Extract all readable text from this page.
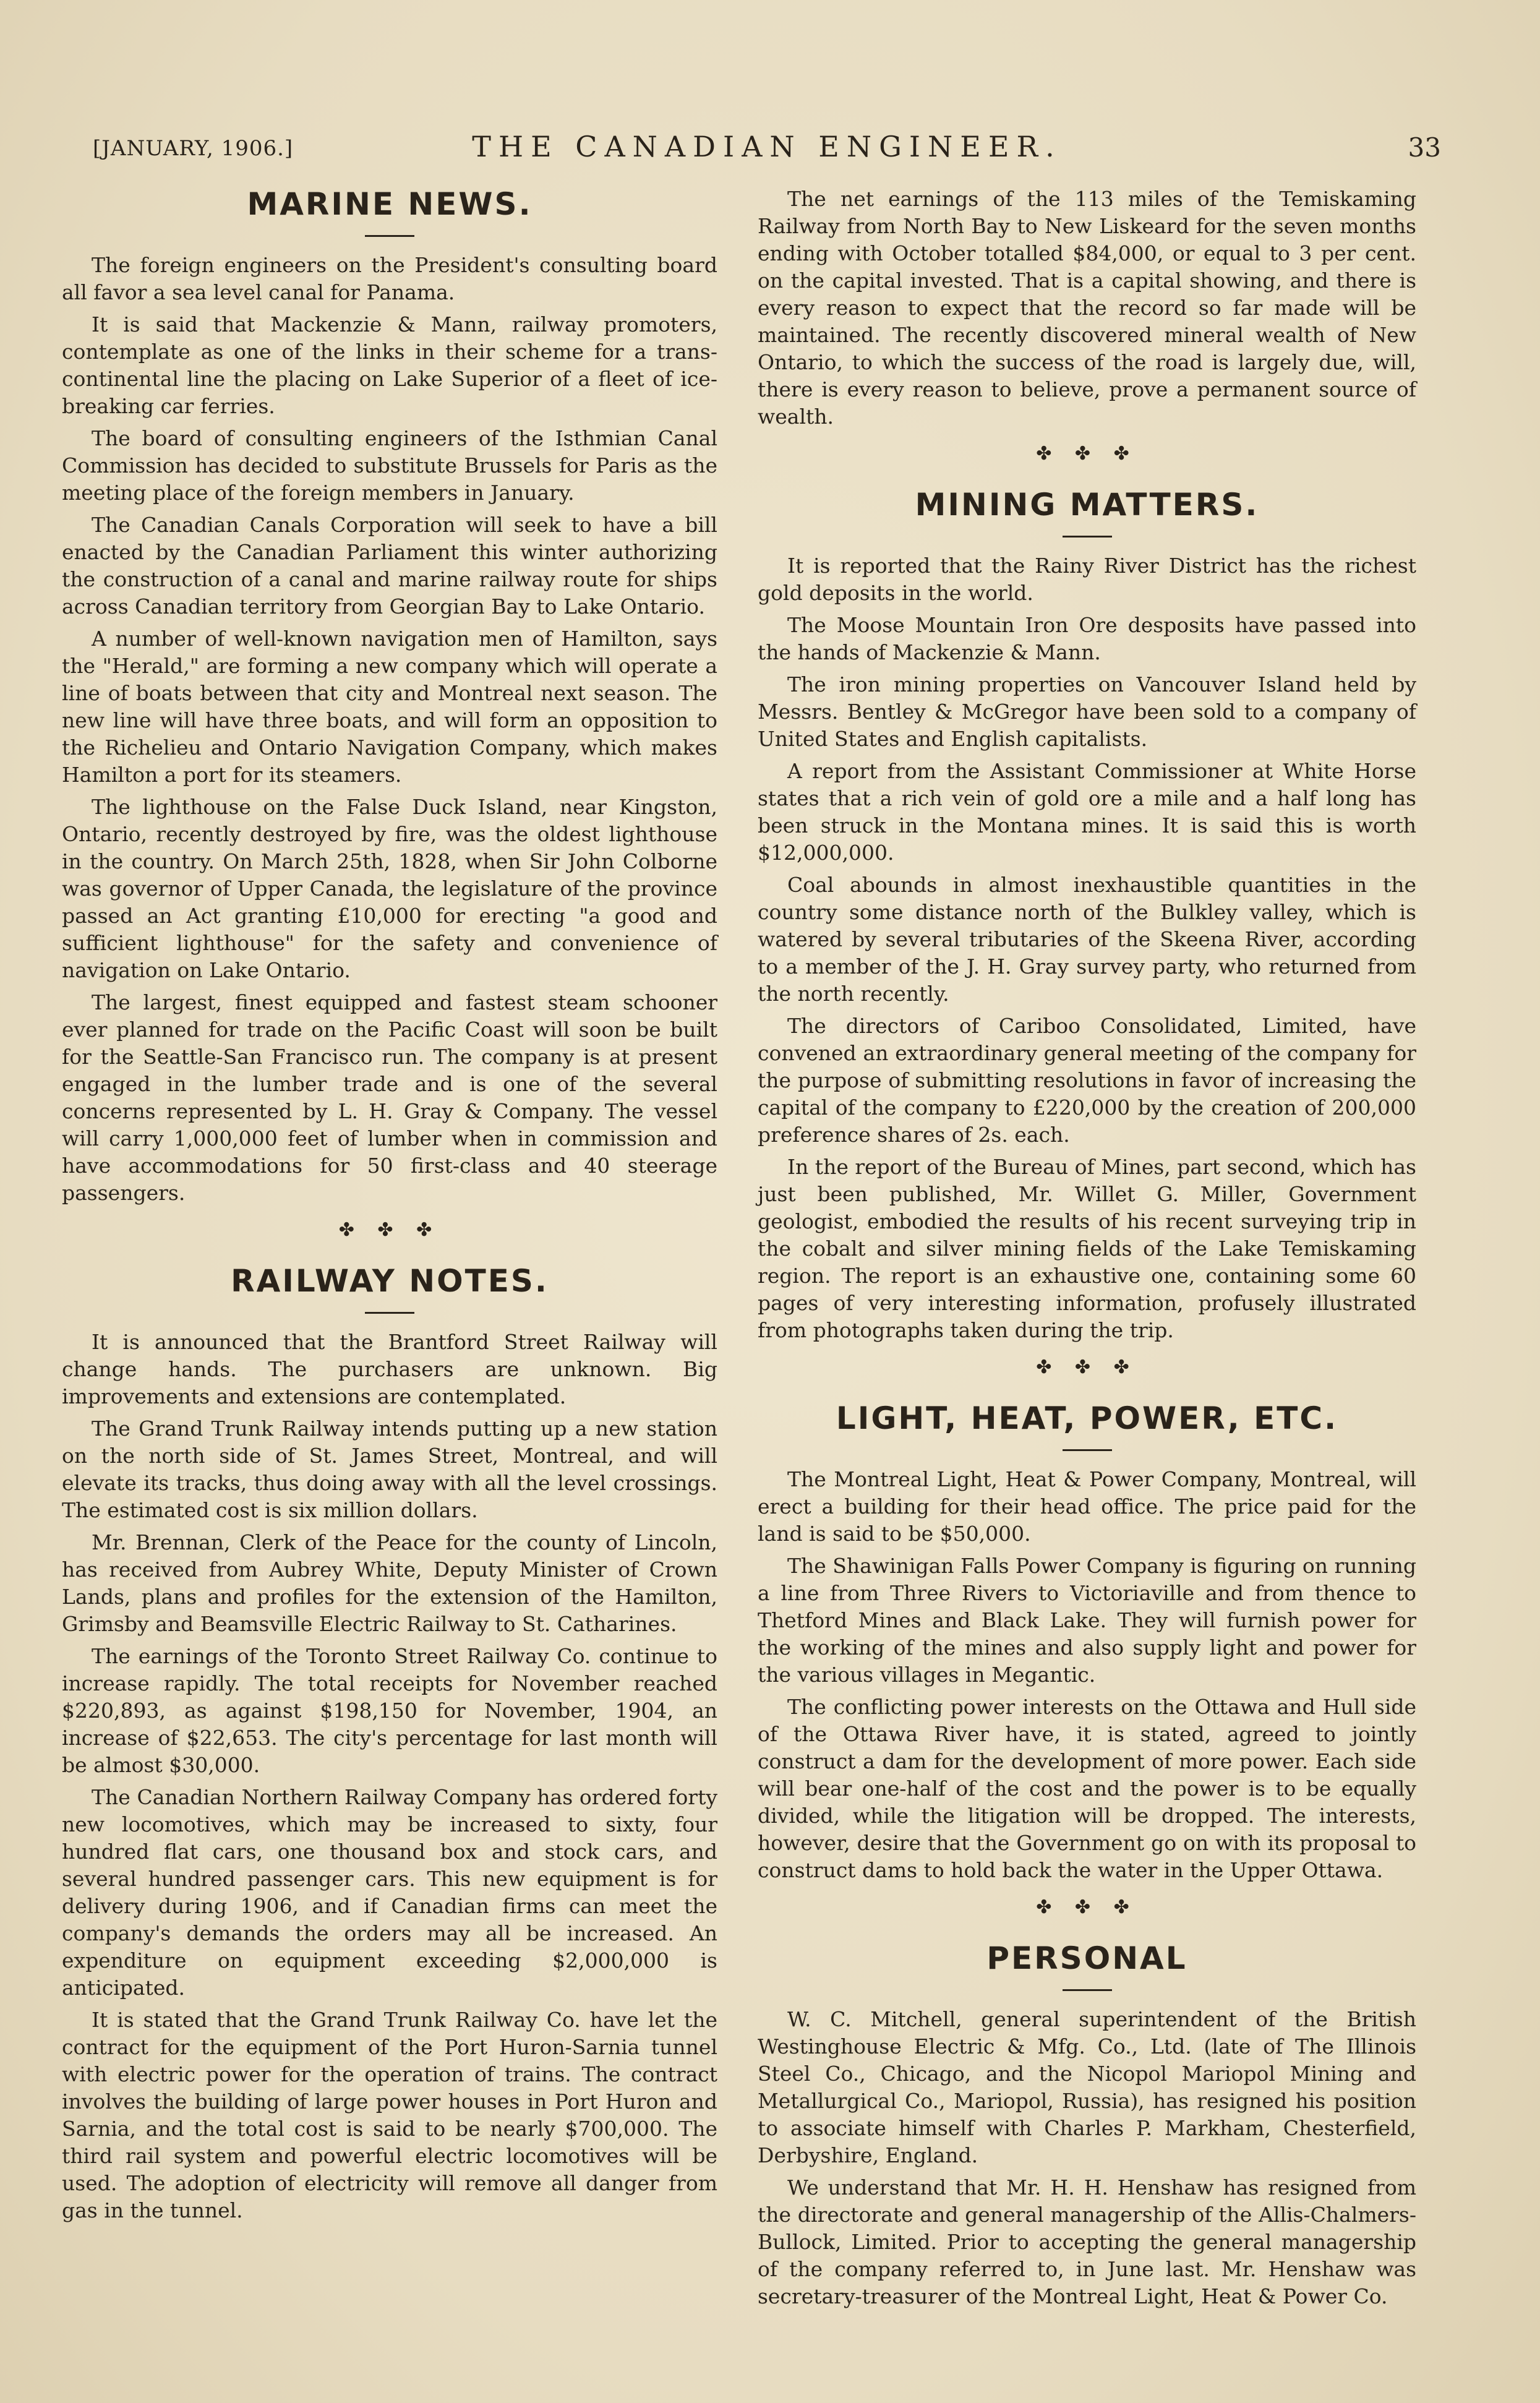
[JANUARY, 1906.]	THE CANADIAN ENGINEER.	33
MARINE NEWS.

The foreign engineers on the President's consulting board all favor a sea level canal for Panama.

It is said that Mackenzie & Mann, railway promoters, contemplate as one of the links in their scheme for a trans-continental line the placing on Lake Superior of a fleet of ice-breaking car ferries.

The board of consulting engineers of the Isthmian Canal Commission has decided to substitute Brussels for Paris as the meeting place of the foreign members in January.

The Canadian Canals Corporation will seek to have a bill enacted by the Canadian Parliament this winter authorizing the construction of a canal and marine railway route for ships across Canadian territory from Georgian Bay to Lake Ontario.

A number of well-known navigation men of Hamilton, says the "Herald," are forming a new company which will operate a line of boats between that city and Montreal next season. The new line will have three boats, and will form an opposition to the Richelieu and Ontario Navigation Company, which makes Hamilton a port for its steamers.

The lighthouse on the False Duck Island, near Kingston, Ontario, recently destroyed by fire, was the oldest lighthouse in the country. On March 25th, 1828, when Sir John Colborne was governor of Upper Canada, the legislature of the province passed an Act granting £10,000 for erecting "a good and sufficient lighthouse" for the safety and convenience of navigation on Lake Ontario.

The largest, finest equipped and fastest steam schooner ever planned for trade on the Pacific Coast will soon be built for the Seattle-San Francisco run. The company is at present engaged in the lumber trade and is one of the several concerns represented by L. H. Gray & Company. The vessel will carry 1,000,000 feet of lumber when in commission and have accommodations for 50 first-class and 40 steerage passengers.

✤ ✤ ✤
RAILWAY NOTES.

It is announced that the Brantford Street Railway will change hands. The purchasers are unknown. Big improvements and extensions are contemplated.

The Grand Trunk Railway intends putting up a new station on the north side of St. James Street, Montreal, and will elevate its tracks, thus doing away with all the level crossings. The estimated cost is six million dollars.

Mr. Brennan, Clerk of the Peace for the county of Lincoln, has received from Aubrey White, Deputy Minister of Crown Lands, plans and profiles for the extension of the Hamilton, Grimsby and Beamsville Electric Railway to St. Catharines.

The earnings of the Toronto Street Railway Co. continue to increase rapidly. The total receipts for November reached $220,893, as against $198,150 for November, 1904, an increase of $22,653. The city's percentage for last month will be almost $30,000.

The Canadian Northern Railway Company has ordered forty new locomotives, which may be increased to sixty, four hundred flat cars, one thousand box and stock cars, and several hundred passenger cars. This new equipment is for delivery during 1906, and if Canadian firms can meet the company's demands the orders may all be increased. An expenditure on equipment exceeding $2,000,000 is anticipated.

It is stated that the Grand Trunk Railway Co. have let the contract for the equipment of the Port Huron-Sarnia tunnel with electric power for the operation of trains. The contract involves the building of large power houses in Port Huron and Sarnia, and the total cost is said to be nearly $700,000. The third rail system and powerful electric locomotives will be used. The adoption of electricity will remove all danger from gas in the tunnel.

The net earnings of the 113 miles of the Temiskaming Railway from North Bay to New Liskeard for the seven months ending with October totalled $84,000, or equal to 3 per cent. on the capital invested. That is a capital showing, and there is every reason to expect that the record so far made will be maintained. The recently discovered mineral wealth of New Ontario, to which the success of the road is largely due, will, there is every reason to believe, prove a permanent source of wealth.

✤ ✤ ✤
MINING MATTERS.

It is reported that the Rainy River District has the richest gold deposits in the world.

The Moose Mountain Iron Ore desposits have passed into the hands of Mackenzie & Mann.

The iron mining properties on Vancouver Island held by Messrs. Bentley & McGregor have been sold to a company of United States and English capitalists.

A report from the Assistant Commissioner at White Horse states that a rich vein of gold ore a mile and a half long has been struck in the Montana mines. It is said this is worth $12,000,000.

Coal abounds in almost inexhaustible quantities in the country some distance north of the Bulkley valley, which is watered by several tributaries of the Skeena River, according to a member of the J. H. Gray survey party, who returned from the north recently.

The directors of Cariboo Consolidated, Limited, have convened an extraordinary general meeting of the company for the purpose of submitting resolutions in favor of increasing the capital of the company to £220,000 by the creation of 200,000 preference shares of 2s. each.

In the report of the Bureau of Mines, part second, which has just been published, Mr. Willet G. Miller, Government geologist, embodied the results of his recent surveying trip in the cobalt and silver mining fields of the Lake Temiskaming region. The report is an exhaustive one, containing some 60 pages of very interesting information, profusely illustrated from photographs taken during the trip.

✤ ✤ ✤
LIGHT, HEAT, POWER, ETC.

The Montreal Light, Heat & Power Company, Montreal, will erect a building for their head office. The price paid for the land is said to be $50,000.

The Shawinigan Falls Power Company is figuring on running a line from Three Rivers to Victoriaville and from thence to Thetford Mines and Black Lake. They will furnish power for the working of the mines and also supply light and power for the various villages in Megantic.

The conflicting power interests on the Ottawa and Hull side of the Ottawa River have, it is stated, agreed to jointly construct a dam for the development of more power. Each side will bear one-half of the cost and the power is to be equally divided, while the litigation will be dropped. The interests, however, desire that the Government go on with its proposal to construct dams to hold back the water in the Upper Ottawa.

✤ ✤ ✤
PERSONAL

W. C. Mitchell, general superintendent of the British Westinghouse Electric & Mfg. Co., Ltd. (late of The Illinois Steel Co., Chicago, and the Nicopol Mariopol Mining and Metallurgical Co., Mariopol, Russia), has resigned his position to associate himself with Charles P. Markham, Chesterfield, Derbyshire, England.

We understand that Mr. H. H. Henshaw has resigned from the directorate and general managership of the Allis-Chalmers-Bullock, Limited. Prior to accepting the general managership of the company referred to, in June last. Mr. Henshaw was secretary-treasurer of the Montreal Light, Heat & Power Co.
